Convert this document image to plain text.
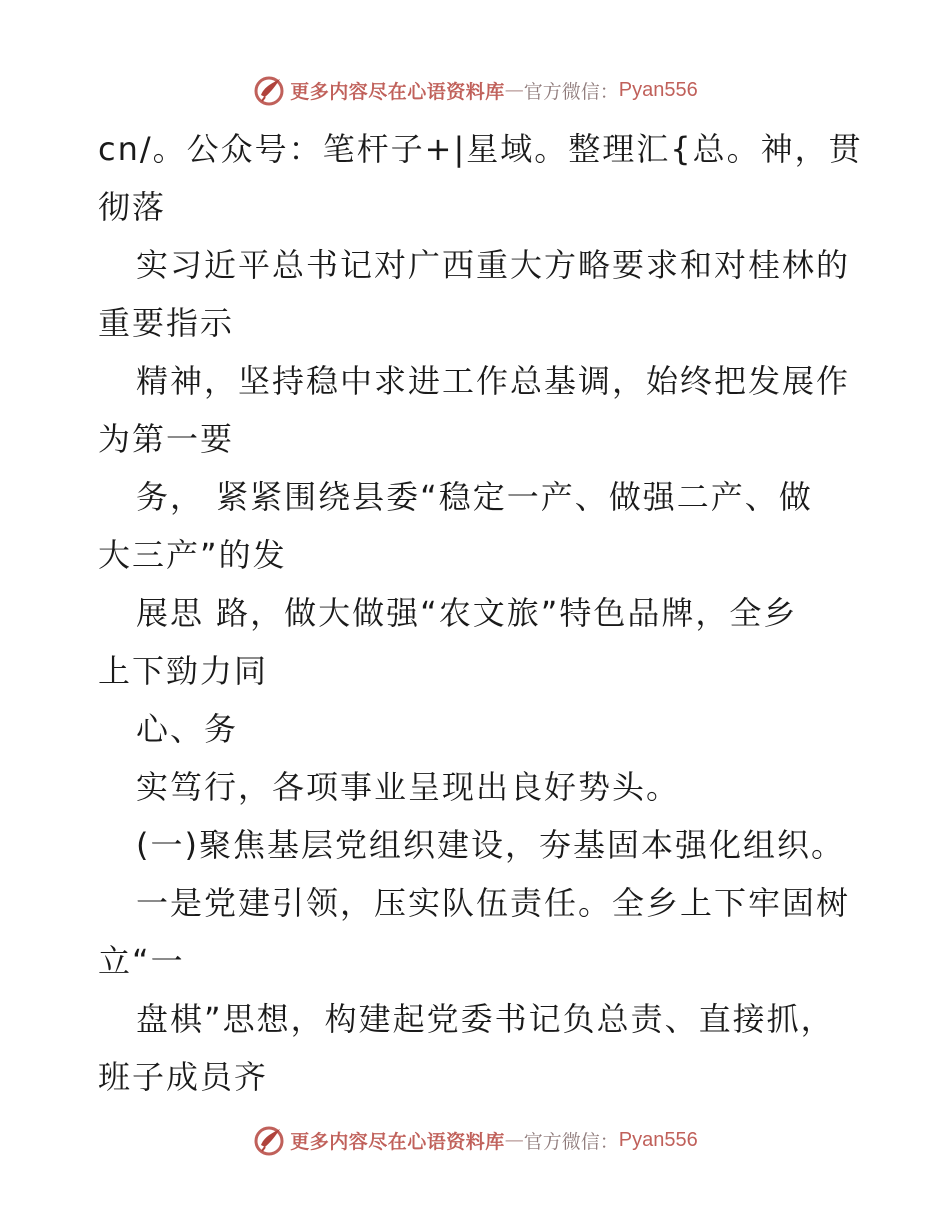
更多内容尽在心语资料库 — 官方微信： Pyan556
cn/。公众号：笔杆子+|星域。整理汇{总。神，贯
彻落
实习近平总书记对广西重大方略要求和对桂林的
重要指示
精神，坚持稳中求进工作总基调，始终把发展作
为第一要
务， 紧紧围绕县委“稳定一产、做强二产、做
大三产”的发
展思 路，做大做强“农文旅”特色品牌，全乡
上下勁力同
心、务
实笃行，各项事业呈现出良好势头。
(一)聚焦基层党组织建设，夯基固本强化组织。
一是党建引领，压实队伍责任。全乡上下牢固树
立“一
盘棋”思想，构建起党委书记负总责、直接抓，
班子成员齐
更多内容尽在心语资料库 — 官方微信： Pyan556
